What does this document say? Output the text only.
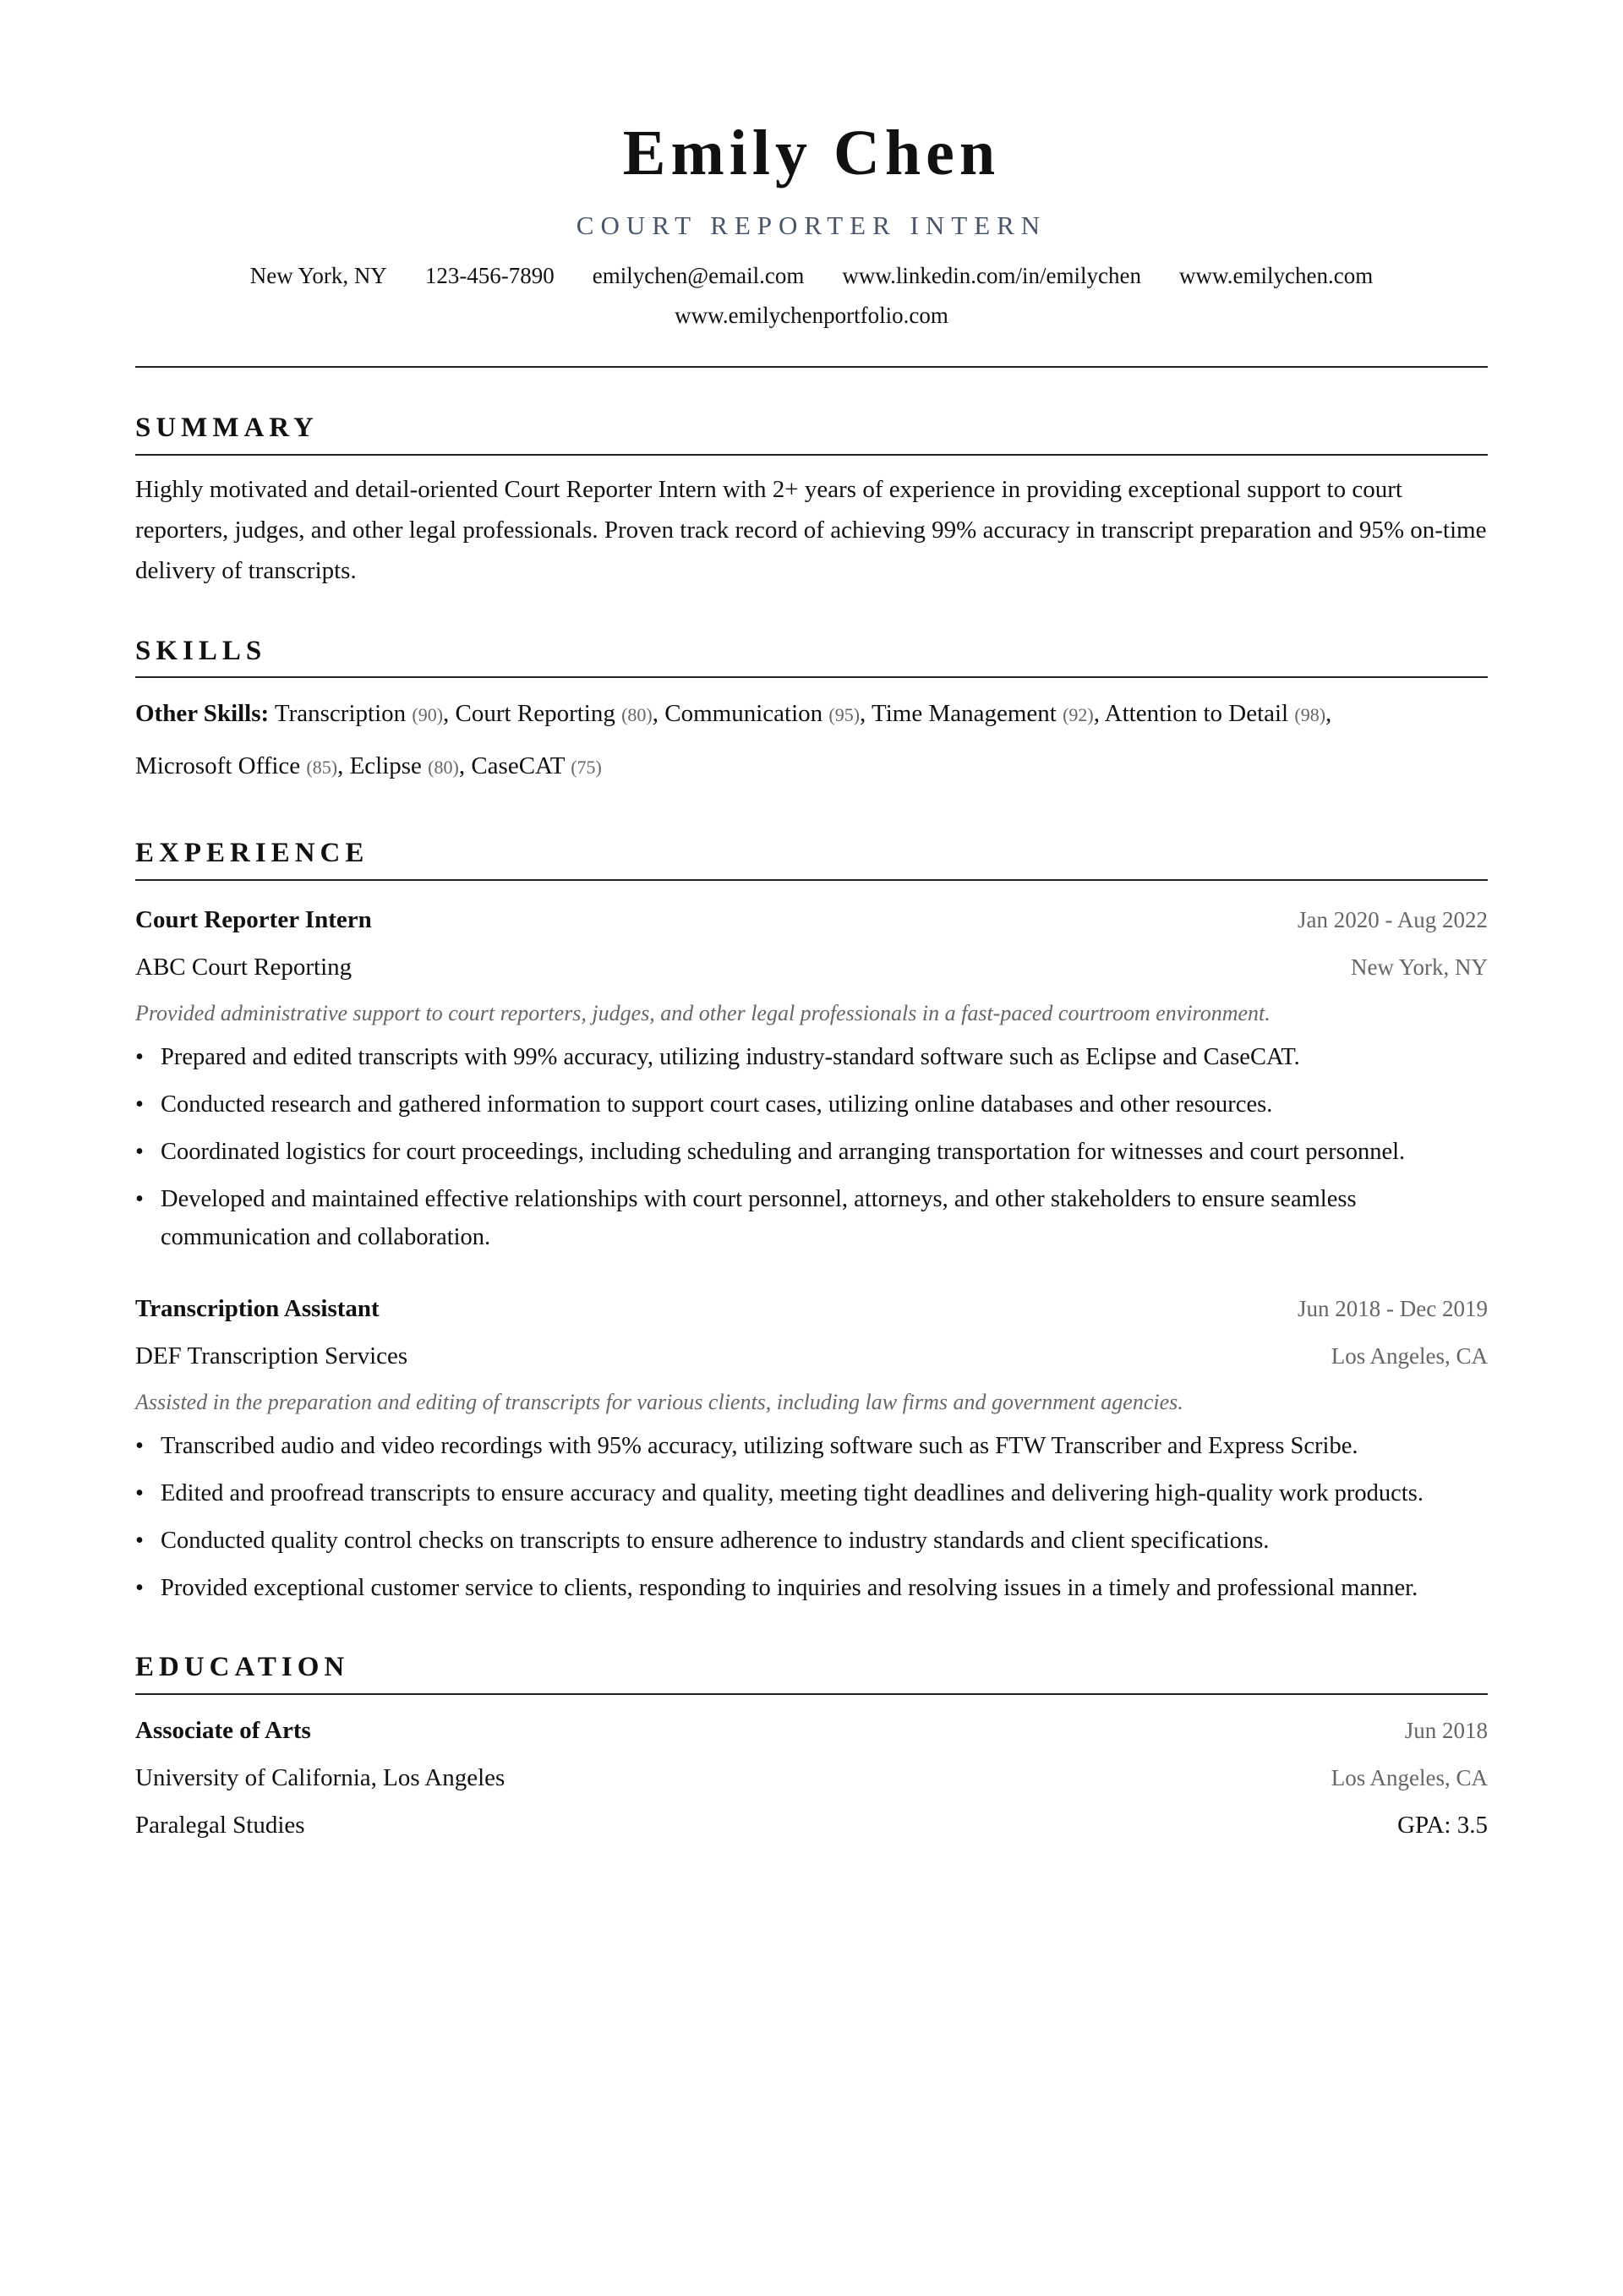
Emily Chen
COURT REPORTER INTERN
New York, NY 123-456-7890 emilychen@email.com www.linkedin.com/in/emilychen www.emilychen.com
www.emilychenportfolio.com
SUMMARY

Highly motivated and detail-oriented Court Reporter Intern with 2+ years of experience in providing exceptional support to court reporters, judges, and other legal professionals. Proven track record of achieving 99% accuracy in transcript preparation and 95% on-time delivery of transcripts.

SKILLS

Other Skills: Transcription (90), Court Reporting (80), Communication (95), Time Management (92), Attention to Detail (98),
Microsoft Office (85), Eclipse (80), CaseCAT (75)

EXPERIENCE
Court Reporter Intern	Jan 2020 - Aug 2022
ABC Court Reporting	New York, NY

Provided administrative support to court reporters, judges, and other legal professionals in a fast-paced courtroom environment.

• Prepared and edited transcripts with 99% accuracy, utilizing industry-standard software such as Eclipse and CaseCAT.
• Conducted research and gathered information to support court cases, utilizing online databases and other resources.
• Coordinated logistics for court proceedings, including scheduling and arranging transportation for witnesses and court personnel.
• Developed and maintained effective relationships with court personnel, attorneys, and other stakeholders to ensure seamless communication and collaboration.
Transcription Assistant	Jun 2018 - Dec 2019
DEF Transcription Services	Los Angeles, CA

Assisted in the preparation and editing of transcripts for various clients, including law firms and government agencies.

• Transcribed audio and video recordings with 95% accuracy, utilizing software such as FTW Transcriber and Express Scribe.
• Edited and proofread transcripts to ensure accuracy and quality, meeting tight deadlines and delivering high-quality work products.
• Conducted quality control checks on transcripts to ensure adherence to industry standards and client specifications.
• Provided exceptional customer service to clients, responding to inquiries and resolving issues in a timely and professional manner.
EDUCATION
Associate of Arts	Jun 2018
University of California, Los Angeles	Los Angeles, CA
Paralegal Studies	GPA: 3.5
